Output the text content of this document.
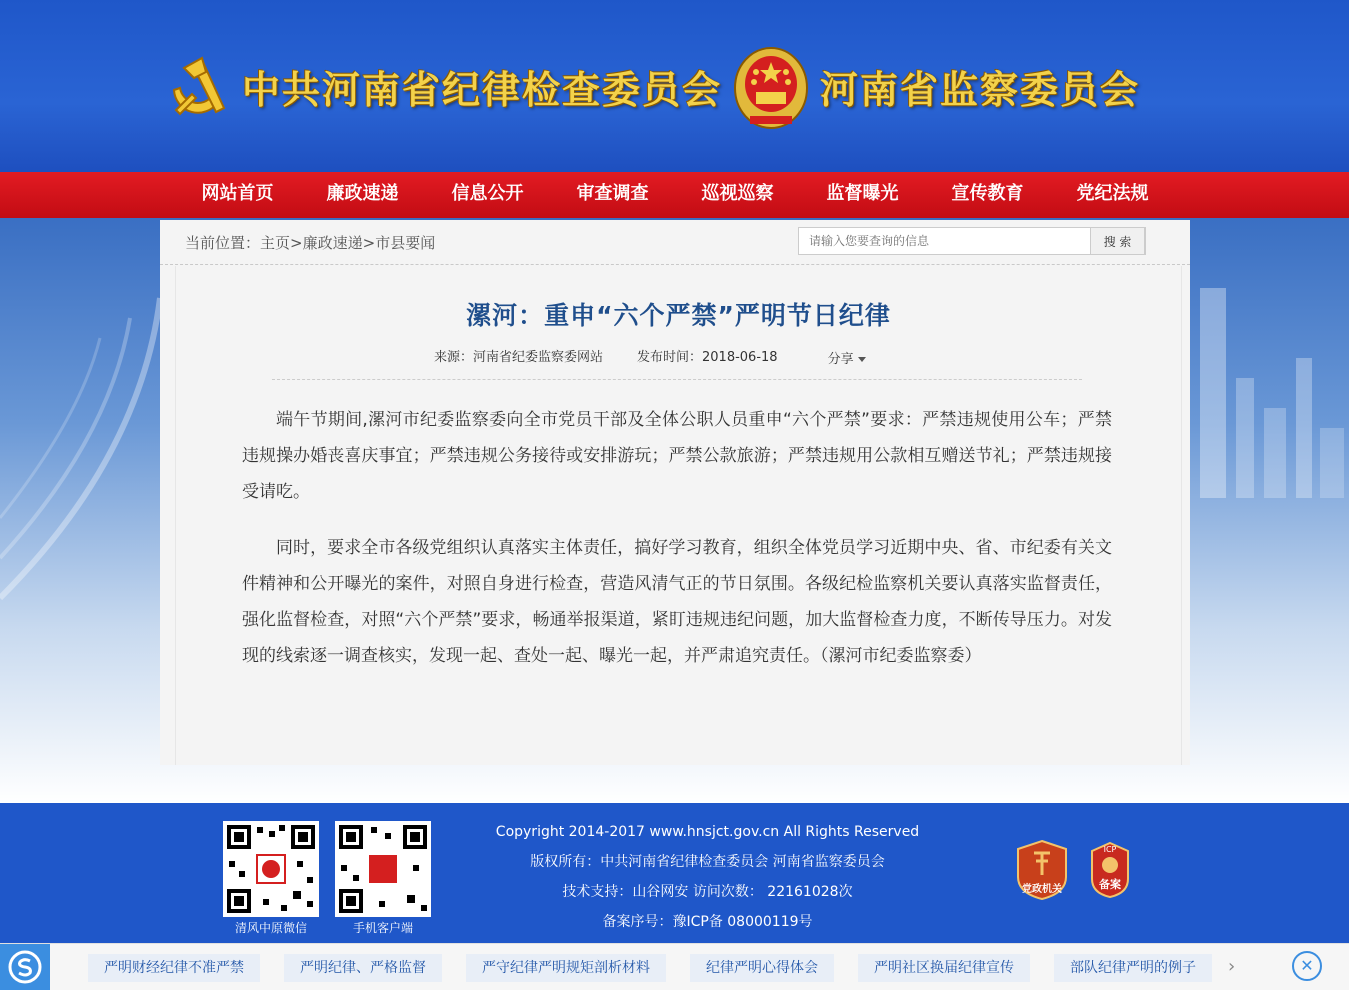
中共河南省纪律检查委员会	河南省监察委员会
网站首页	廉政速递	信息公开	审查调查	巡视巡察	监督曝光	宣传教育	党纪法规
当前位置：主页>廉政速递>市县要闻
请输入您要查询的信息	搜 索
漯河：重申“六个严禁”严明节日纪律
来源：河南省纪委监察委网站	发布时间：2018-06-18	分享

端午节期间,漯河市纪委监察委向全市党员干部及全体公职人员重申“六个严禁”要求：严禁违规使用公车；严禁违规操办婚丧喜庆事宜；严禁违规公务接待或安排游玩；严禁公款旅游；严禁违规用公款相互赠送节礼；严禁违规接受请吃。

同时，要求全市各级党组织认真落实主体责任，搞好学习教育，组织全体党员学习近期中央、省、市纪委有关文件精神和公开曝光的案件，对照自身进行检查，营造风清气正的节日氛围。各级纪检监察机关要认真落实监督责任，强化监督检查，对照“六个严禁”要求，畅通举报渠道，紧盯违规违纪问题，加大监督检查力度，不断传导压力。对发现的线索逐一调查核实，发现一起、查处一起、曝光一起，并严肃追究责任。（漯河市纪委监察委）

清风中原微信	手机客户端
Copyright 2014-2017 www.hnsjct.gov.cn All Rights Reserved
版权所有：中共河南省纪律检查委员会 河南省监察委员会
技术支持：山谷网安 访问次数： 22161028次
备案序号：豫ICP备 08000119号
党政机关
ICP
备案
严明财经纪律不准严禁	严明纪律、严格监督	严守纪律严明规矩剖析材料	纪律严明心得体会	严明社区换届纪律宣传	部队纪律严明的例子	›	✕
